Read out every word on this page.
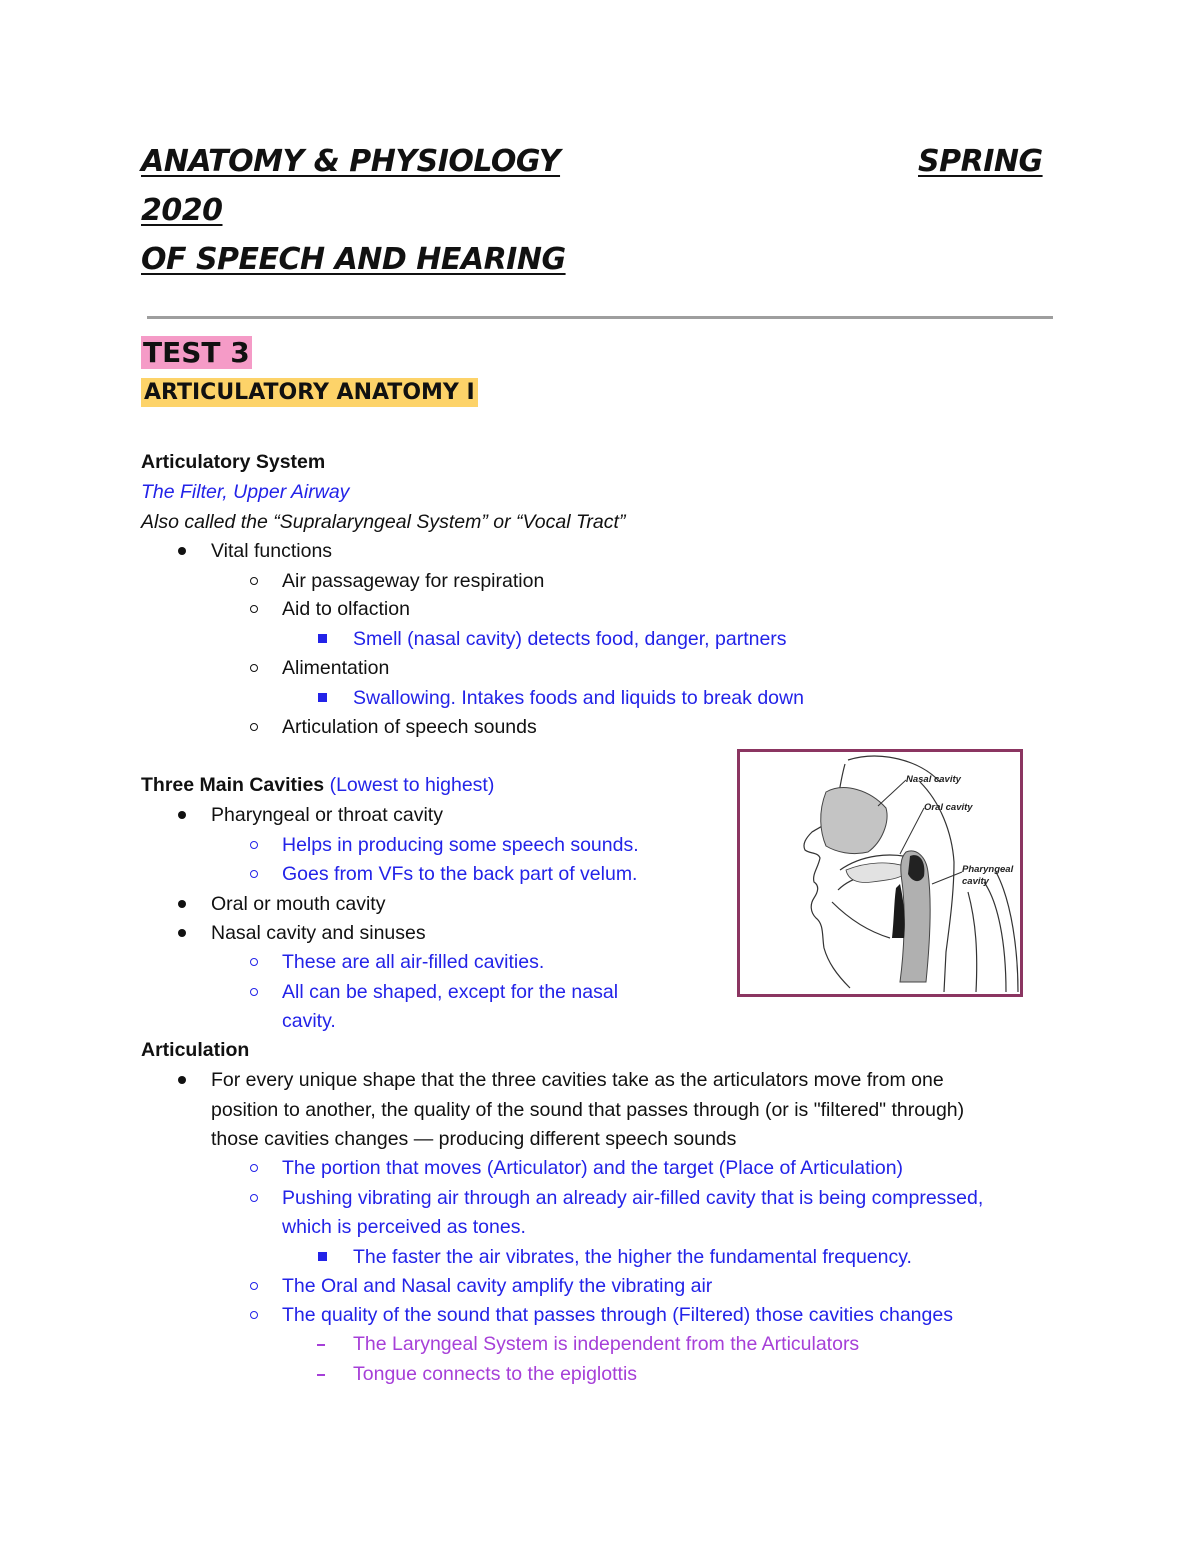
ANATOMY & PHYSIOLOGY	SPRING
2020
OF SPEECH AND HEARING
TEST 3
ARTICULATORY ANATOMY I
Articulatory System
The Filter, Upper Airway
Also called the “Supralaryngeal System” or “Vocal Tract”
Vital functions
Air passageway for respiration
Aid to olfaction
Smell (nasal cavity) detects food, danger, partners
Alimentation
Swallowing. Intakes foods and liquids to break down
Articulation of speech sounds
Three Main Cavities (Lowest to highest)
Pharyngeal or throat cavity
Helps in producing some speech sounds.
Goes from VFs to the back part of velum.
Oral or mouth cavity
Nasal cavity and sinuses
These are all air-filled cavities.
All can be shaped, except for the nasal
cavity.
Nasal cavity
Oral cavity
Pharyngeal
cavity
Articulation
For every unique shape that the three cavities take as the articulators move from one
position to another, the quality of the sound that passes through (or is "filtered" through)
those cavities changes — producing different speech sounds
The portion that moves (Articulator) and the target (Place of Articulation)
Pushing vibrating air through an already air-filled cavity that is being compressed,
which is perceived as tones.
The faster the air vibrates, the higher the fundamental frequency.
The Oral and Nasal cavity amplify the vibrating air
The quality of the sound that passes through (Filtered) those cavities changes
The Laryngeal System is independent from the Articulators
Tongue connects to the epiglottis
